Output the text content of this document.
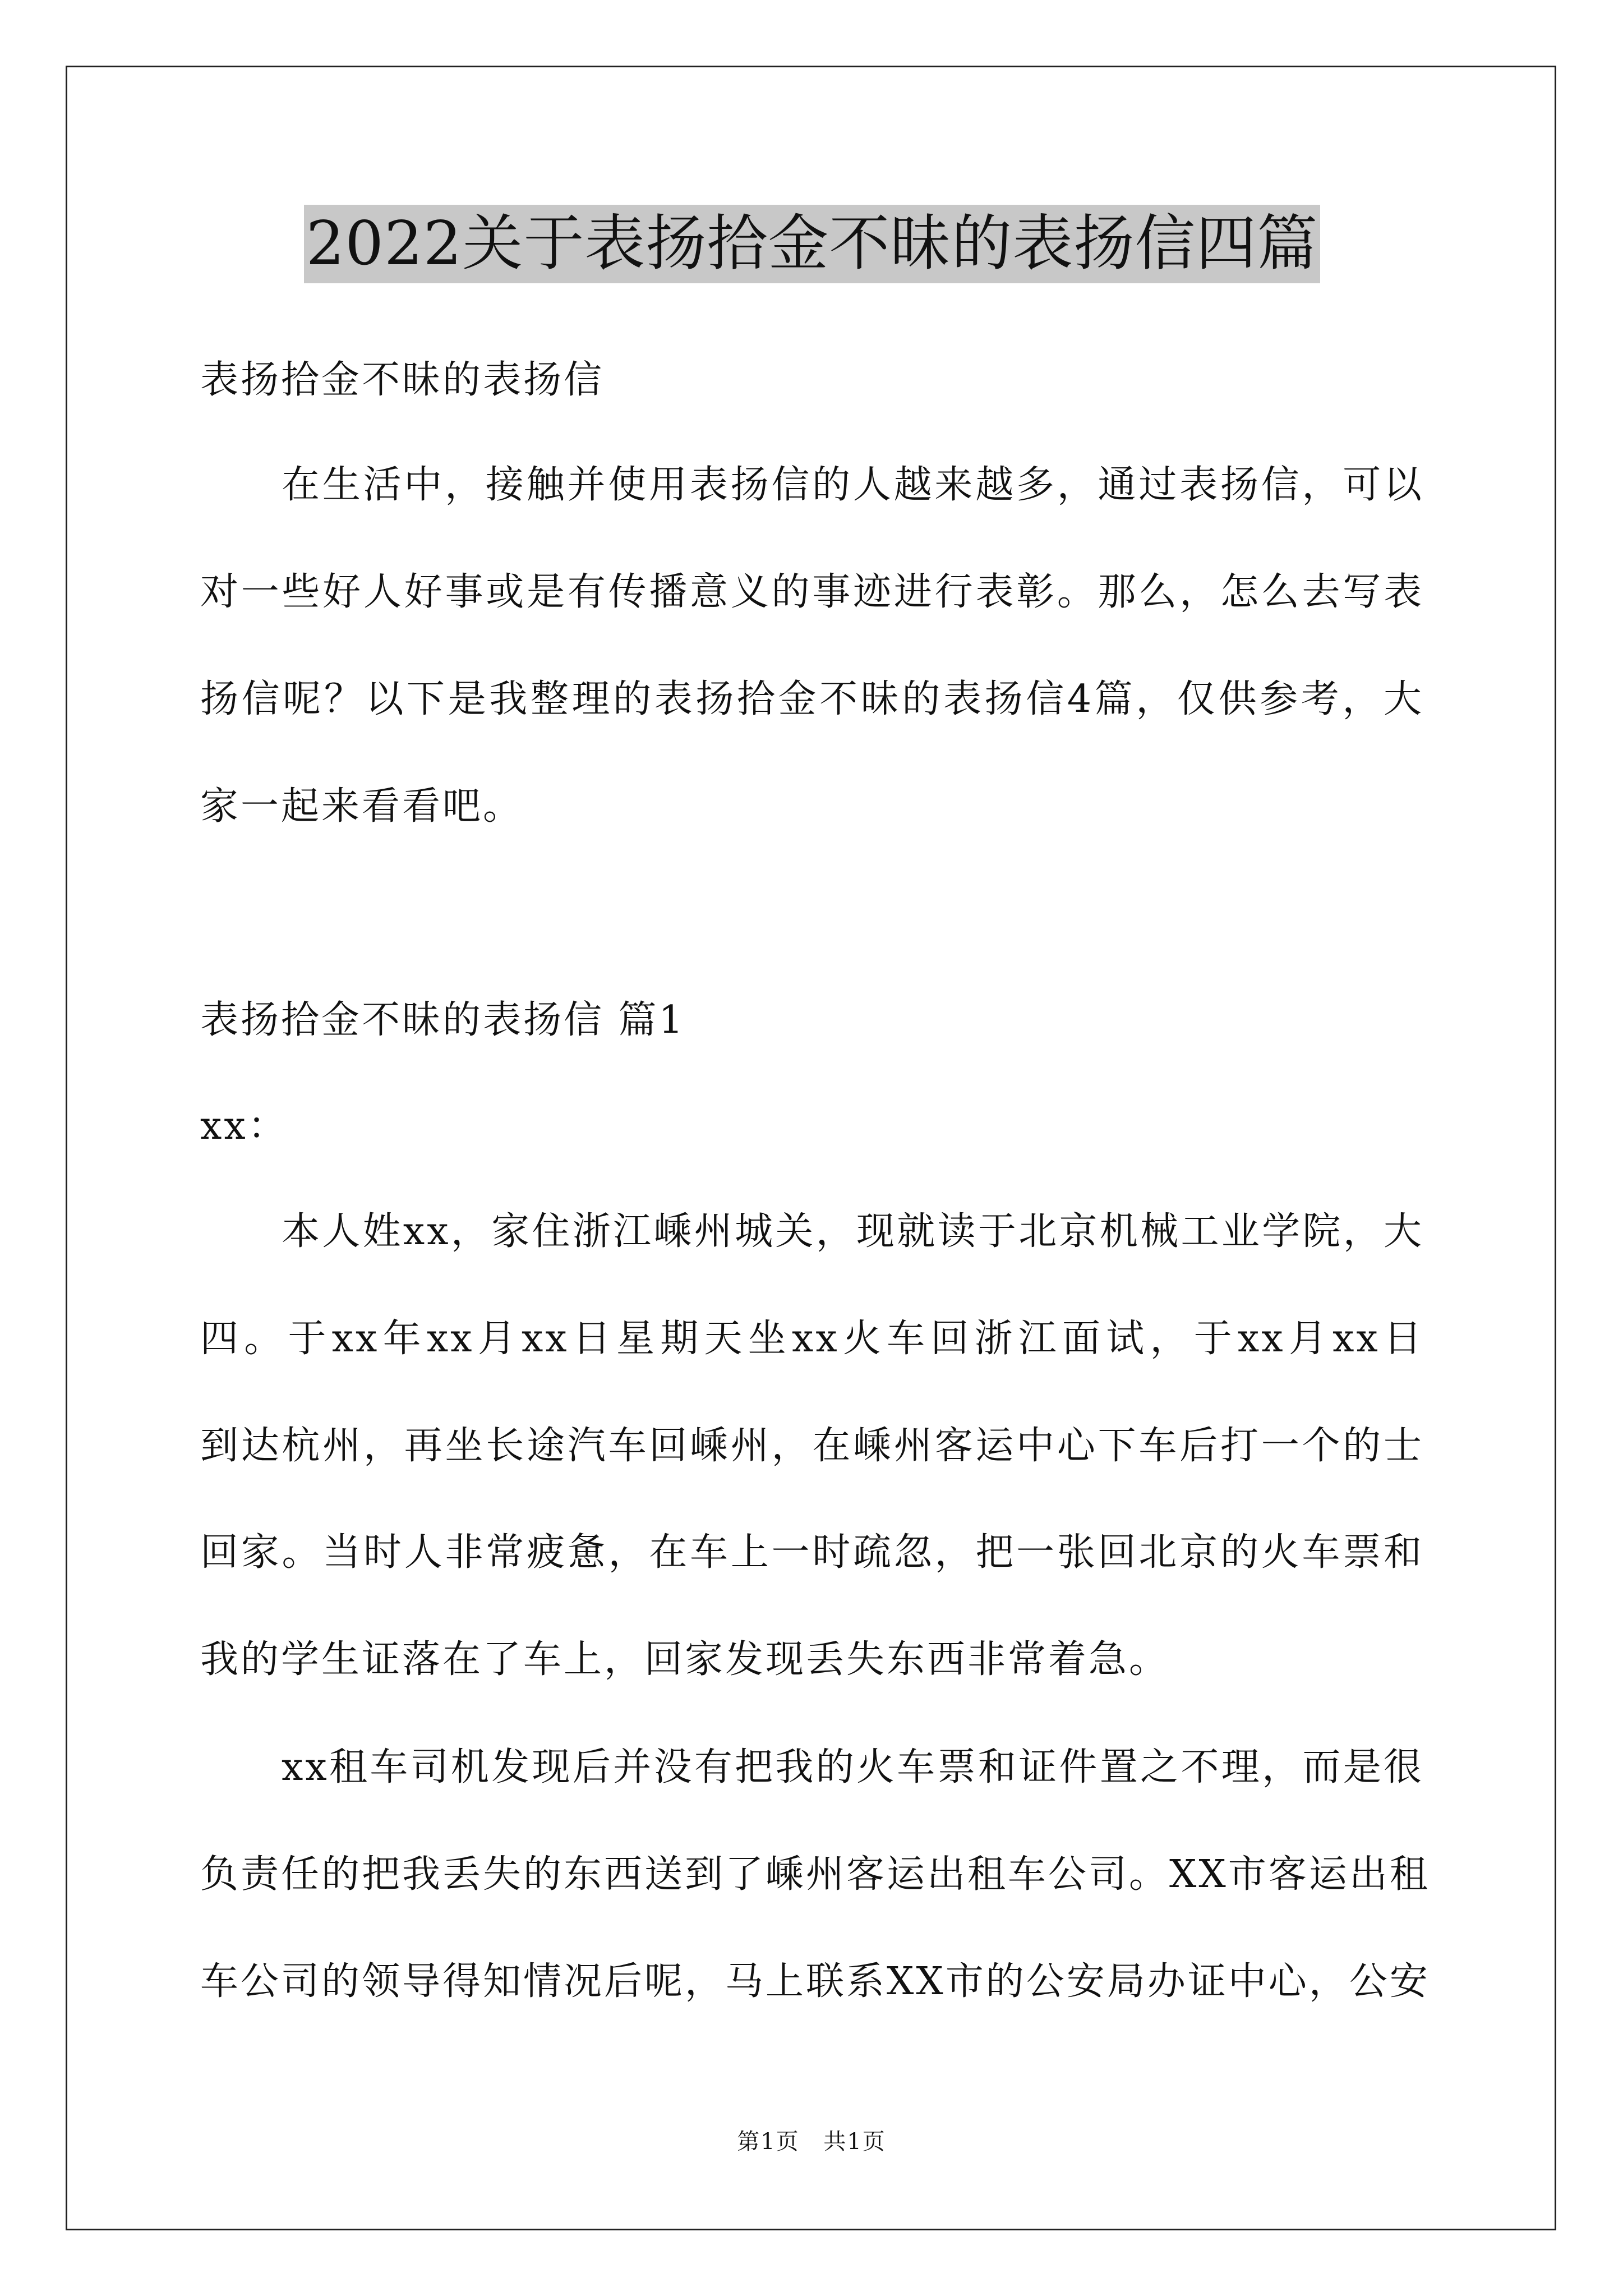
2022关于表扬拾金不昧的表扬信四篇
表扬拾金不昧的表扬信
在生活中，接触并使用表扬信的人越来越多，通过表扬信，可以
对一些好人好事或是有传播意义的事迹进行表彰。那么，怎么去写表
扬信呢？以下是我整理的表扬拾金不昧的表扬信4篇，仅供参考，大
家一起来看看吧。
表扬拾金不昧的表扬信 篇1
xx：
本人姓xx，家住浙江嵊州城关，现就读于北京机械工业学院，大
四。于xx年xx月xx日星期天坐xx火车回浙江面试，于xx月xx日
到达杭州，再坐长途汽车回嵊州，在嵊州客运中心下车后打一个的士
回家。当时人非常疲惫，在车上一时疏忽，把一张回北京的火车票和
我的学生证落在了车上，回家发现丢失东西非常着急。
xx租车司机发现后并没有把我的火车票和证件置之不理，而是很
负责任的把我丢失的东西送到了嵊州客运出租车公司。XX市客运出租
车公司的领导得知情况后呢，马上联系XX市的公安局办证中心，公安
第1页 共1页
